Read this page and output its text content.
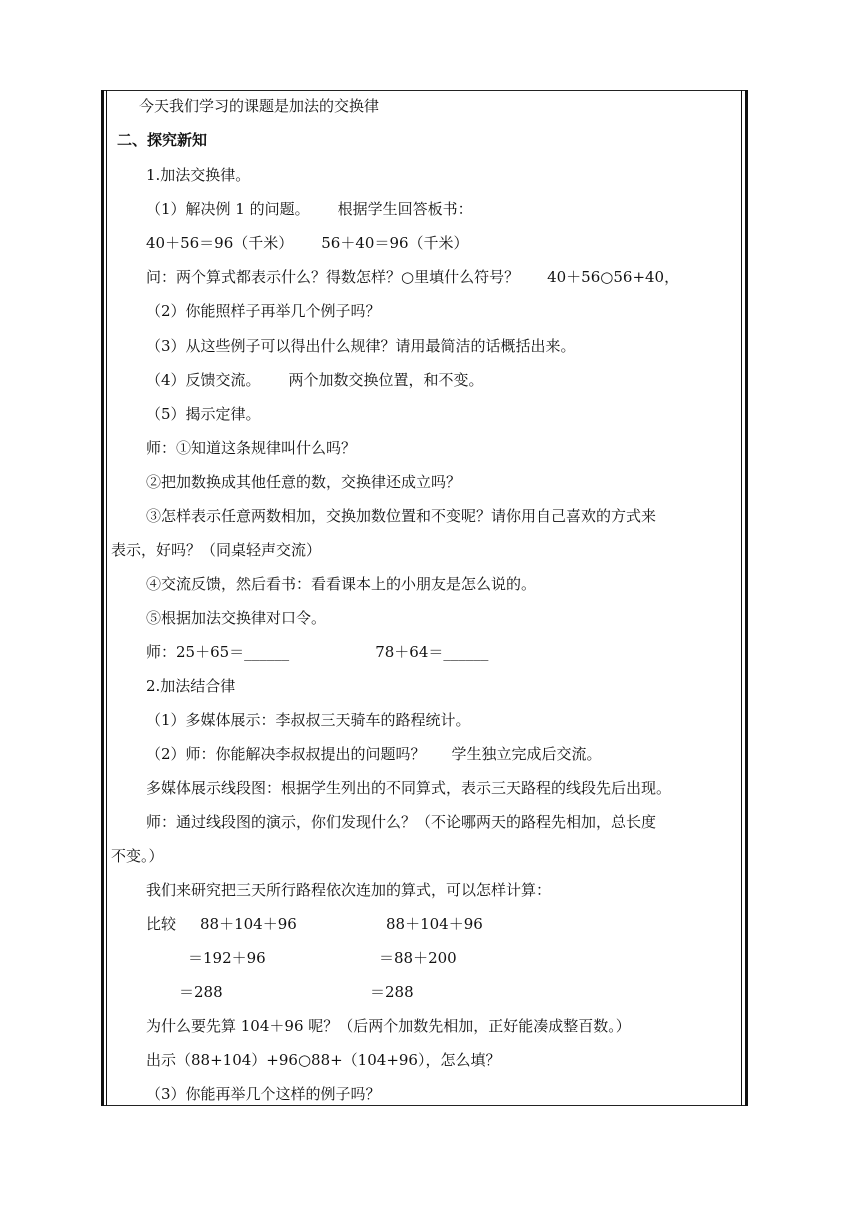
今天我们学习的课题是加法的交换律
二、探究新知
1.加法交换律。
（1）解决例 1 的问题。 根据学生回答板书：
40＋56＝96（千米） 56＋40＝96（千米）
问：两个算式都表示什么？得数怎样？○里填什么符号？ 40＋56○56+40，
（2）你能照样子再举几个例子吗？
（3）从这些例子可以得出什么规律？请用最简洁的话概括出来。
（4）反馈交流。 两个加数交换位置，和不变。
（5）揭示定律。
师：①知道这条规律叫什么吗？
②把加数换成其他任意的数，交换律还成立吗？
③怎样表示任意两数相加，交换加数位置和不变呢？请你用自己喜欢的方式来
表示，好吗？（同桌轻声交流）
④交流反馈，然后看书：看看课本上的小朋友是怎么说的。
⑤根据加法交换律对口令。
师：25＋65＝______	78＋64＝______
2.加法结合律
（1）多媒体展示：李叔叔三天骑车的路程统计。
（2）师：你能解决李叔叔提出的问题吗？ 学生独立完成后交流。
多媒体展示线段图：根据学生列出的不同算式，表示三天路程的线段先后出现。
师：通过线段图的演示，你们发现什么？（不论哪两天的路程先相加，总长度
不变。）
我们来研究把三天所行路程依次连加的算式，可以怎样计算：
比较 88＋104＋96	88＋104＋96
＝192＋96	＝88＋200
＝288	＝288
为什么要先算 104＋96 呢？（后两个加数先相加，正好能凑成整百数。）
出示（88+104）+96○88+（104+96），怎么填？
（3）你能再举几个这样的例子吗？
